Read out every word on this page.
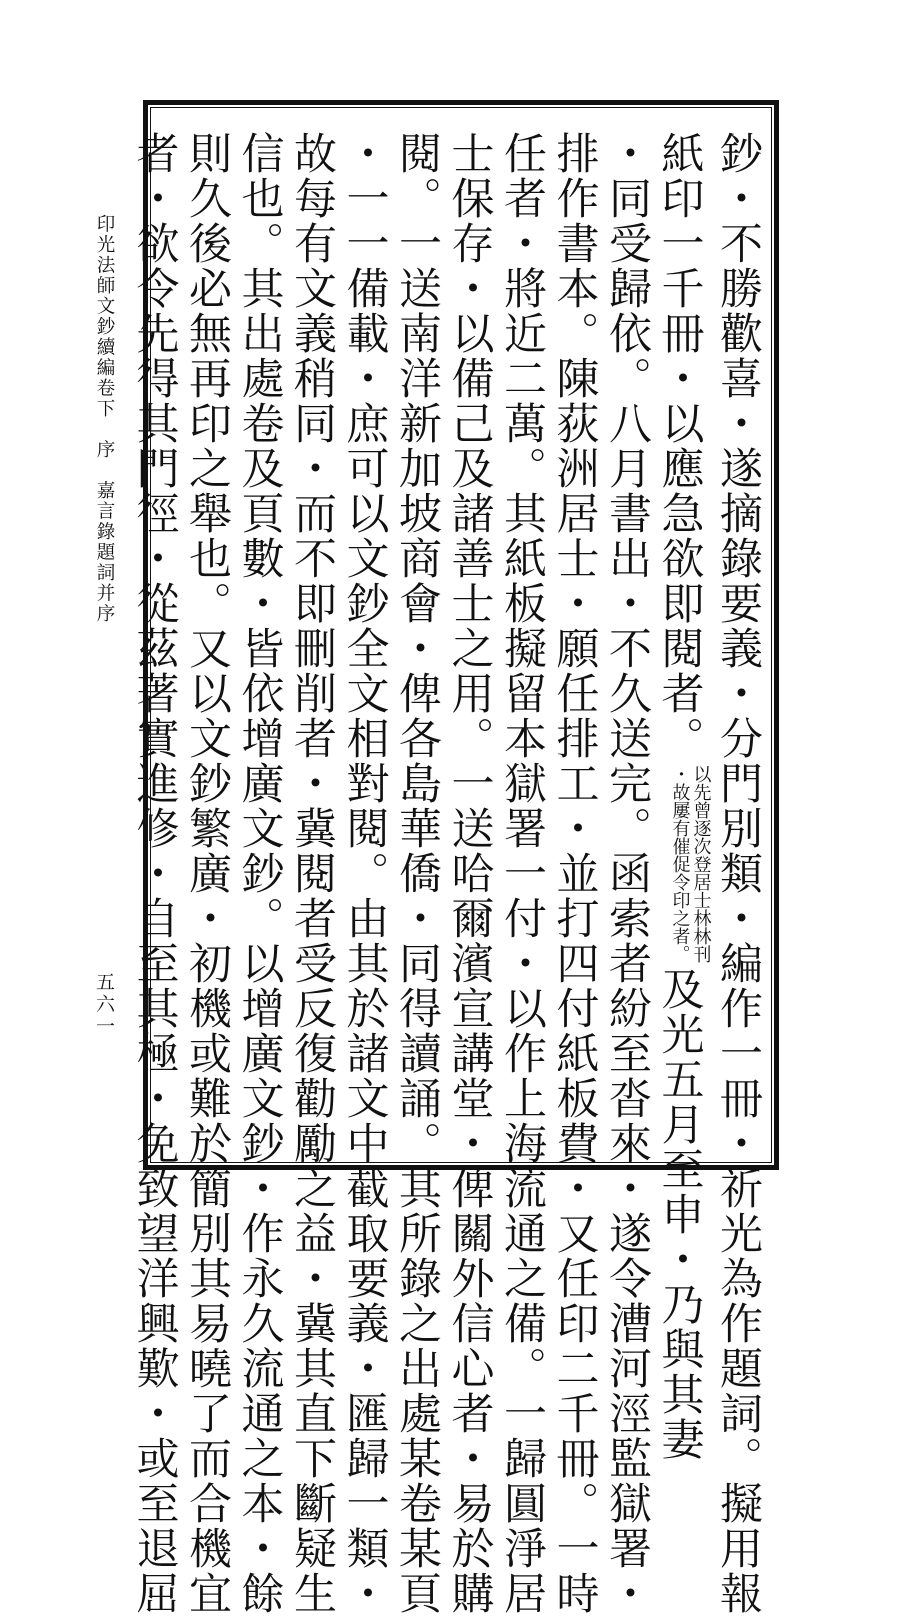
印光法師文鈔續編卷下　序　嘉言錄題詞并序
五六一	鈔・不勝歡喜・遂摘錄要義・分門別類・編作一冊・祈光為作題詞。擬用報
紙印一千冊・以應急欲即閱者。以先曾逐次登居士林林刊
・故屢有催促令印之者。及光五月至申・乃與其妻
・同受歸依。八月書出・不久送完。函索者紛至沓來・遂令漕河涇監獄署・
排作書本。陳荻洲居士・願任排工・並打四付紙板費・又任印二千冊。一時
任者・將近二萬。其紙板擬留本獄署一付・以作上海流通之備。一歸圓淨居
士保存・以備己及諸善士之用。一送哈爾濱宣講堂・俾關外信心者・易於購
閱。一送南洋新加坡商會・俾各島華僑・同得讀誦。其所錄之出處某卷某頁
・一一備載・庶可以文鈔全文相對閱。由其於諸文中截取要義・匯歸一類・
故每有文義稍同・而不即刪削者・冀閱者受反復勸勵之益・冀其直下斷疑生
信也。其出處卷及頁數・皆依增廣文鈔。以增廣文鈔・作永久流通之本・餘
則久後必無再印之舉也。又以文鈔繁廣・初機或難於簡別其易曉了而合機宜
者・欲令先得其門徑・從茲著實進修・自至其極・免致望洋興歎・或至退屈
